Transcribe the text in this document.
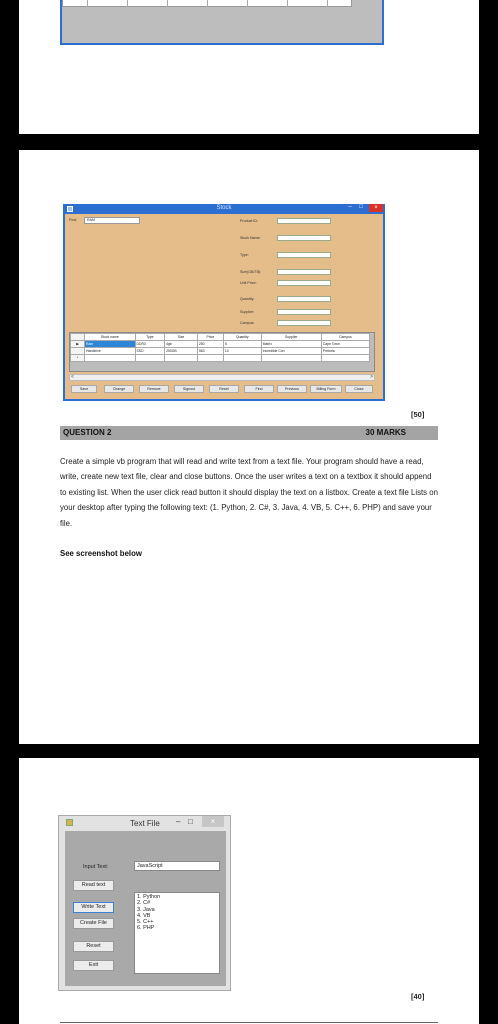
Stock	–	□	×
Find:	RAM	Product ID:
Stock Name:
Type:
Size(GB/TB):
Unit Price:
Quantity:
Supplier:
Campus:
	Stock name	Type	Size	Price	Quantity	Supplier	Campus
▶	Ram	DDR3	4gb	250	5	Matrix	Cape Town
	Harddrive	SSD	250GB	563	10	Incredible Con	Pretoria
*							
<	>
Save	Change	Remove	Signout	Reset	Find	Previous	Billing Form	Close
[50]
QUESTION 2	30 MARKS
Create a simple vb program that will read and write text from a text file. Your program should have a read, write, create new text file, clear and close buttons. Once the user writes a text on a textbox it should append to existing list. When the user click read button it should display the text on a listbox. Create a text file Lists on your desktop after typing the following text: (1. Python, 2. C#, 3. Java, 4. VB, 5. C++, 6. PHP) and save your file.
See screenshot below
Text File – □	×
Input Text:	JavaScript
Read text
Write Text
Create File
Reset
Exit
1. Python
2. C#
3. Java
4. VB
5. C++
6. PHP
[40]
